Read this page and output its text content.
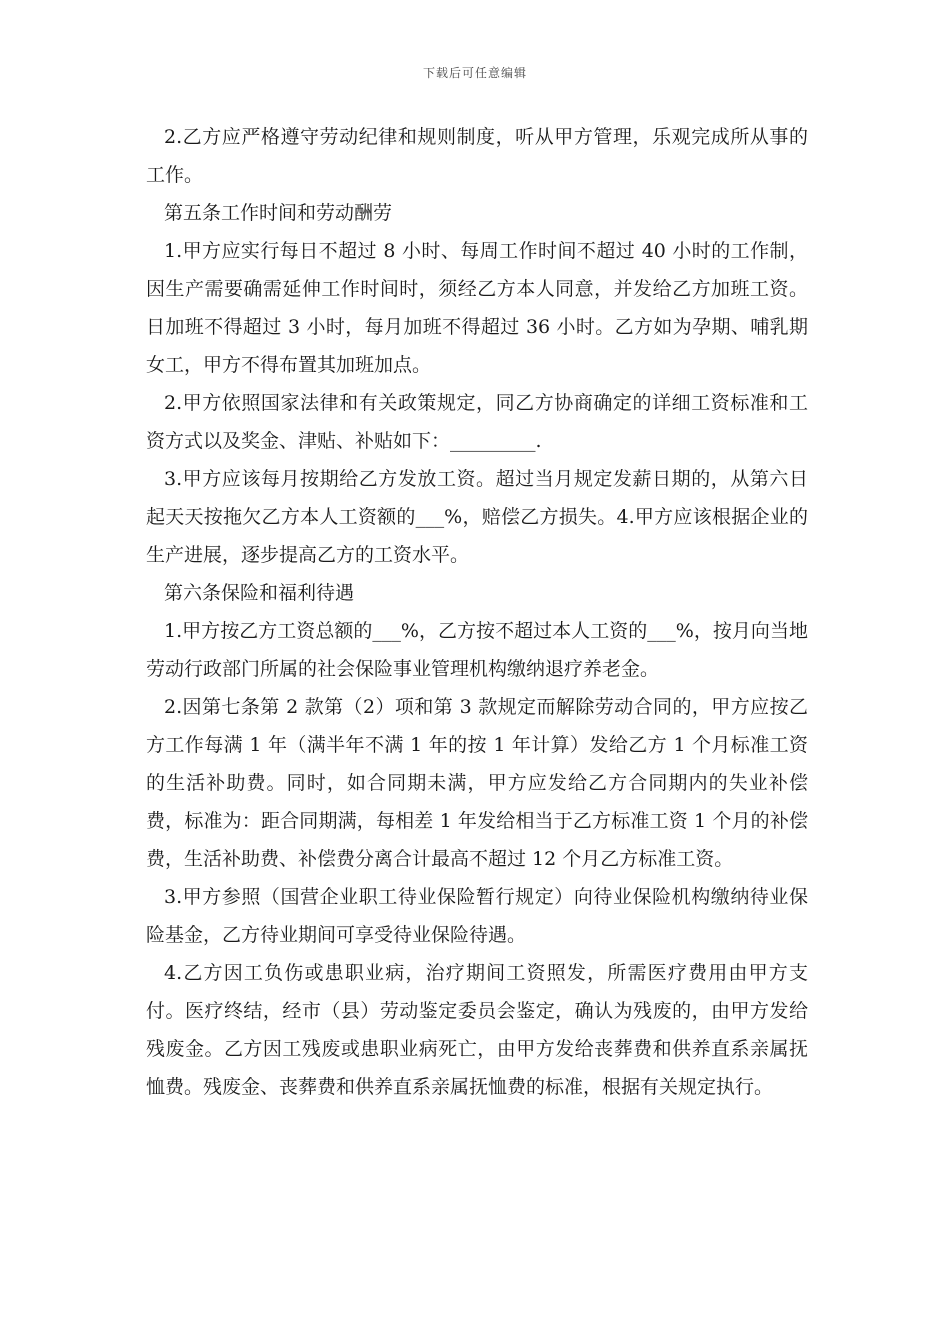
下载后可任意编辑

2.乙方应严格遵守劳动纪律和规则制度，听从甲方管理，乐观完成所从事的工作。

第五条工作时间和劳动酬劳

1.甲方应实行每日不超过 8 小时、每周工作时间不超过 40 小时的工作制，因生产需要确需延伸工作时间时，须经乙方本人同意，并发给乙方加班工资。日加班不得超过 3 小时，每月加班不得超过 36 小时。乙方如为孕期、哺乳期女工，甲方不得布置其加班加点。

2.甲方依照国家法律和有关政策规定，同乙方协商确定的详细工资标准和工资方式以及奖金、津贴、补贴如下：_________.

3.甲方应该每月按期给乙方发放工资。超过当月规定发薪日期的，从第六日起天天按拖欠乙方本人工资额的___%，赔偿乙方损失。4.甲方应该根据企业的生产进展，逐步提高乙方的工资水平。

第六条保险和福利待遇

1.甲方按乙方工资总额的___%，乙方按不超过本人工资的___%，按月向当地劳动行政部门所属的社会保险事业管理机构缴纳退疗养老金。

2.因第七条第 2 款第（2）项和第 3 款规定而解除劳动合同的，甲方应按乙方工作每满 1 年（满半年不满 1 年的按 1 年计算）发给乙方 1 个月标准工资的生活补助费。同时，如合同期未满，甲方应发给乙方合同期内的失业补偿费，标准为：距合同期满，每相差 1 年发给相当于乙方标准工资 1 个月的补偿费，生活补助费、补偿费分离合计最高不超过 12 个月乙方标准工资。

3.甲方参照（国营企业职工待业保险暂行规定）向待业保险机构缴纳待业保险基金，乙方待业期间可享受待业保险待遇。

4.乙方因工负伤或患职业病，治疗期间工资照发，所需医疗费用由甲方支付。医疗终结，经市（县）劳动鉴定委员会鉴定，确认为残废的，由甲方发给残废金。乙方因工残废或患职业病死亡，由甲方发给丧葬费和供养直系亲属抚恤费。残废金、丧葬费和供养直系亲属抚恤费的标准，根据有关规定执行。
